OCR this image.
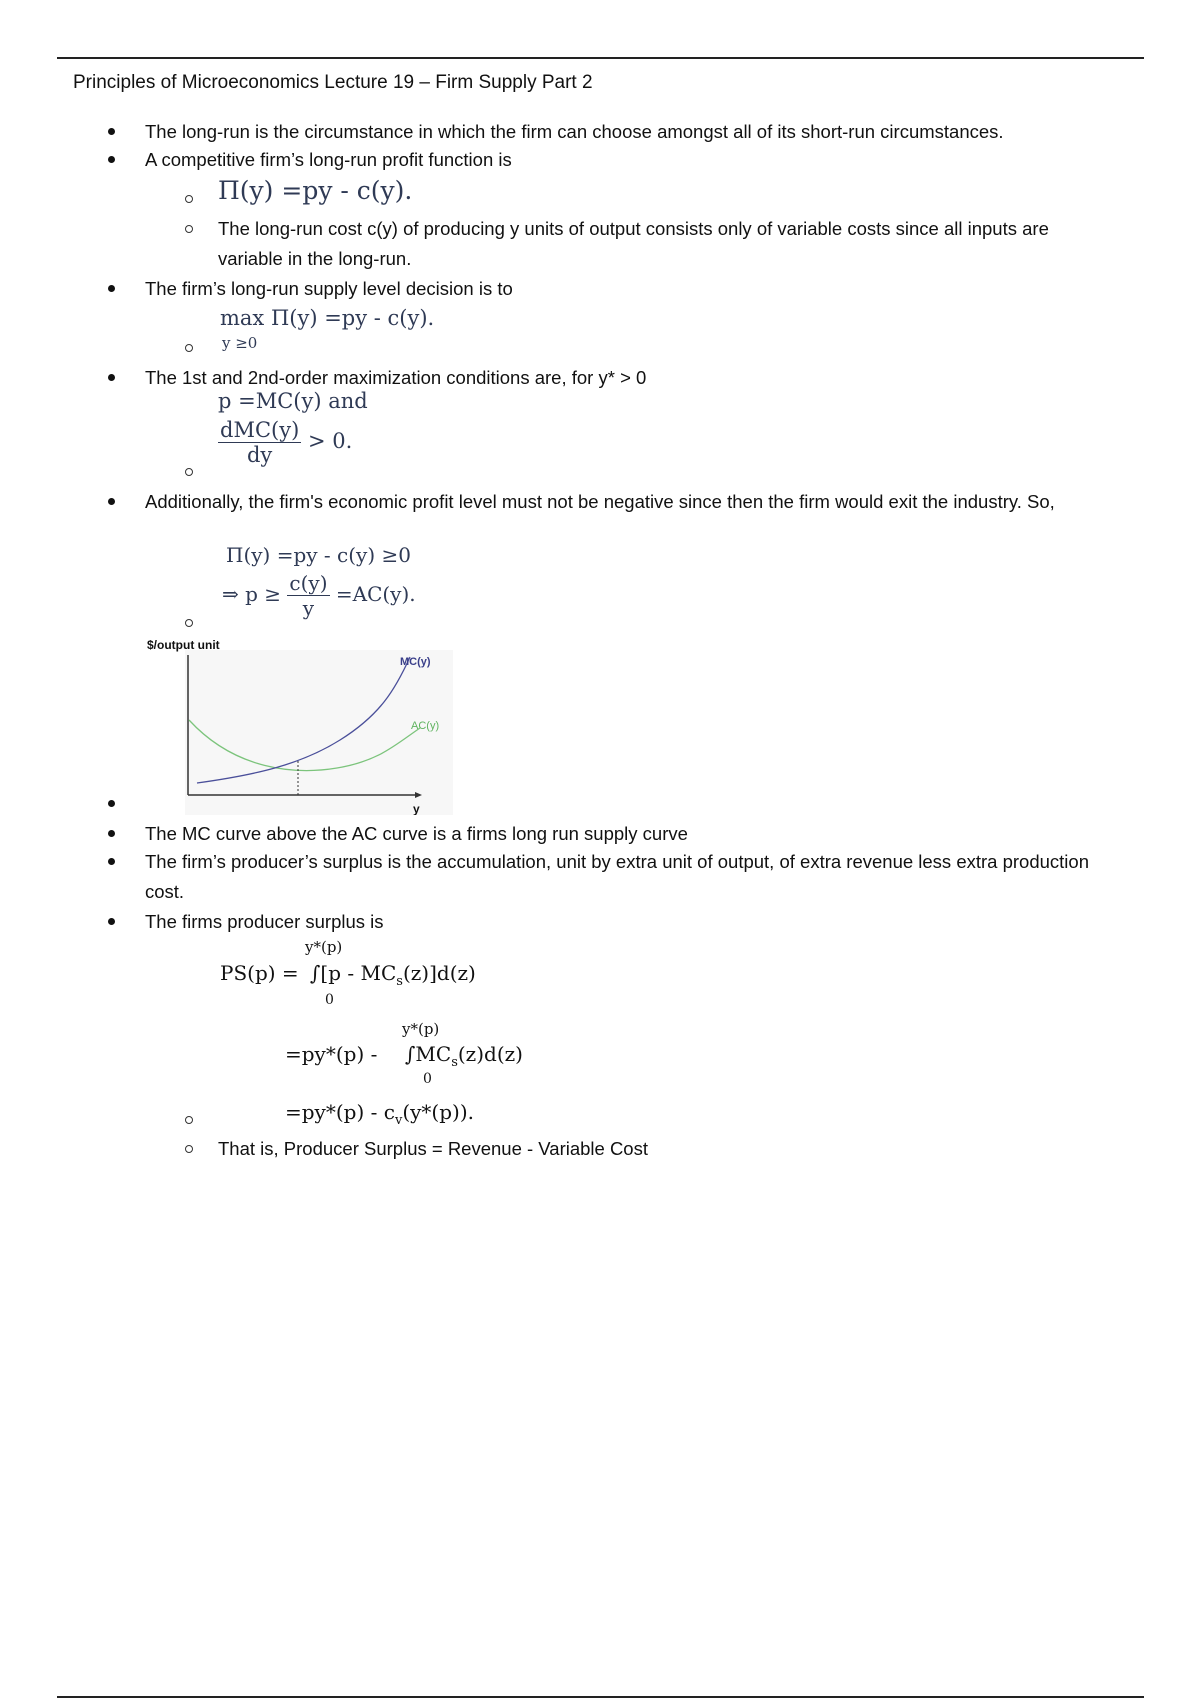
Principles of Microeconomics Lecture 19 – Firm Supply Part 2
The long-run is the circumstance in which the firm can choose amongst all of its short-run circumstances.
A competitive firm’s long-run profit function is
Π(y) =py - c(y).
The long-run cost c(y) of producing y units of output consists only of variable costs since all inputs are variable in the long-run.
The firm’s long-run supply level decision is to
max Π(y) =py - c(y).
y ≥0
The 1st and 2nd-order maximization conditions are, for y* > 0
p =MC(y) and
$\frac{\text{dMC(y)}}{dy} > 0$.
Additionally, the firm's economic profit level must not be negative since then the firm would exit the industry. So,
Π(y) =py - c(y) ≥0
⇒ $p \ge \frac{c(y)}{y} =AC(y)$.
$/output unit
y
MC(y)
AC(y)
The MC curve above the AC curve is a firms long run supply curve
The firm’s producer’s surplus is the accumulation, unit by extra unit of output, of extra revenue less extra production cost.
The firms producer surplus is
y*(p)
$PS(p) = \int[p - MC_s(z)]d(z)$
0
y*(p)
$=py*(p) - \int MC_s(z)d(z)$
0
$=py*(p) - c_v(y*(p))$.
That is, Producer Surplus = Revenue - Variable Cost
